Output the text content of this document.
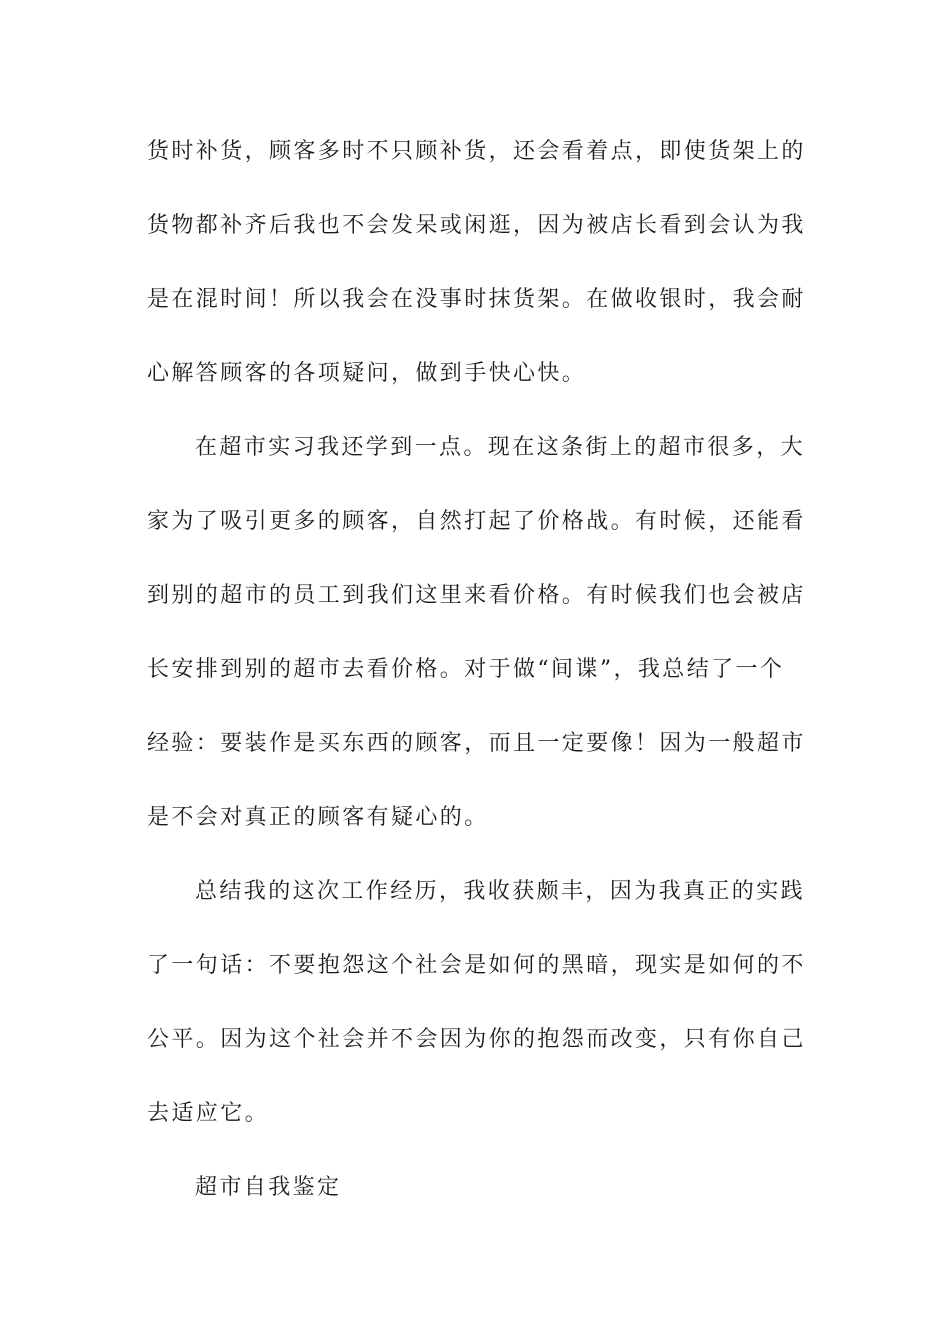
货时补货，顾客多时不只顾补货，还会看着点，即使货架上的
货物都补齐后我也不会发呆或闲逛，因为被店长看到会认为我
是在混时间！所以我会在没事时抹货架。在做收银时，我会耐
心解答顾客的各项疑问，做到手快心快。
在超市实习我还学到一点。现在这条街上的超市很多，大
家为了吸引更多的顾客，自然打起了价格战。有时候，还能看
到别的超市的员工到我们这里来看价格。有时候我们也会被店
长安排到别的超市去看价格。对于做“间谍”，我总结了一个
经验：要装作是买东西的顾客，而且一定要像！因为一般超市
是不会对真正的顾客有疑心的。
总结我的这次工作经历，我收获颇丰，因为我真正的实践
了一句话：不要抱怨这个社会是如何的黑暗，现实是如何的不
公平。因为这个社会并不会因为你的抱怨而改变，只有你自己
去适应它。
超市自我鉴定
